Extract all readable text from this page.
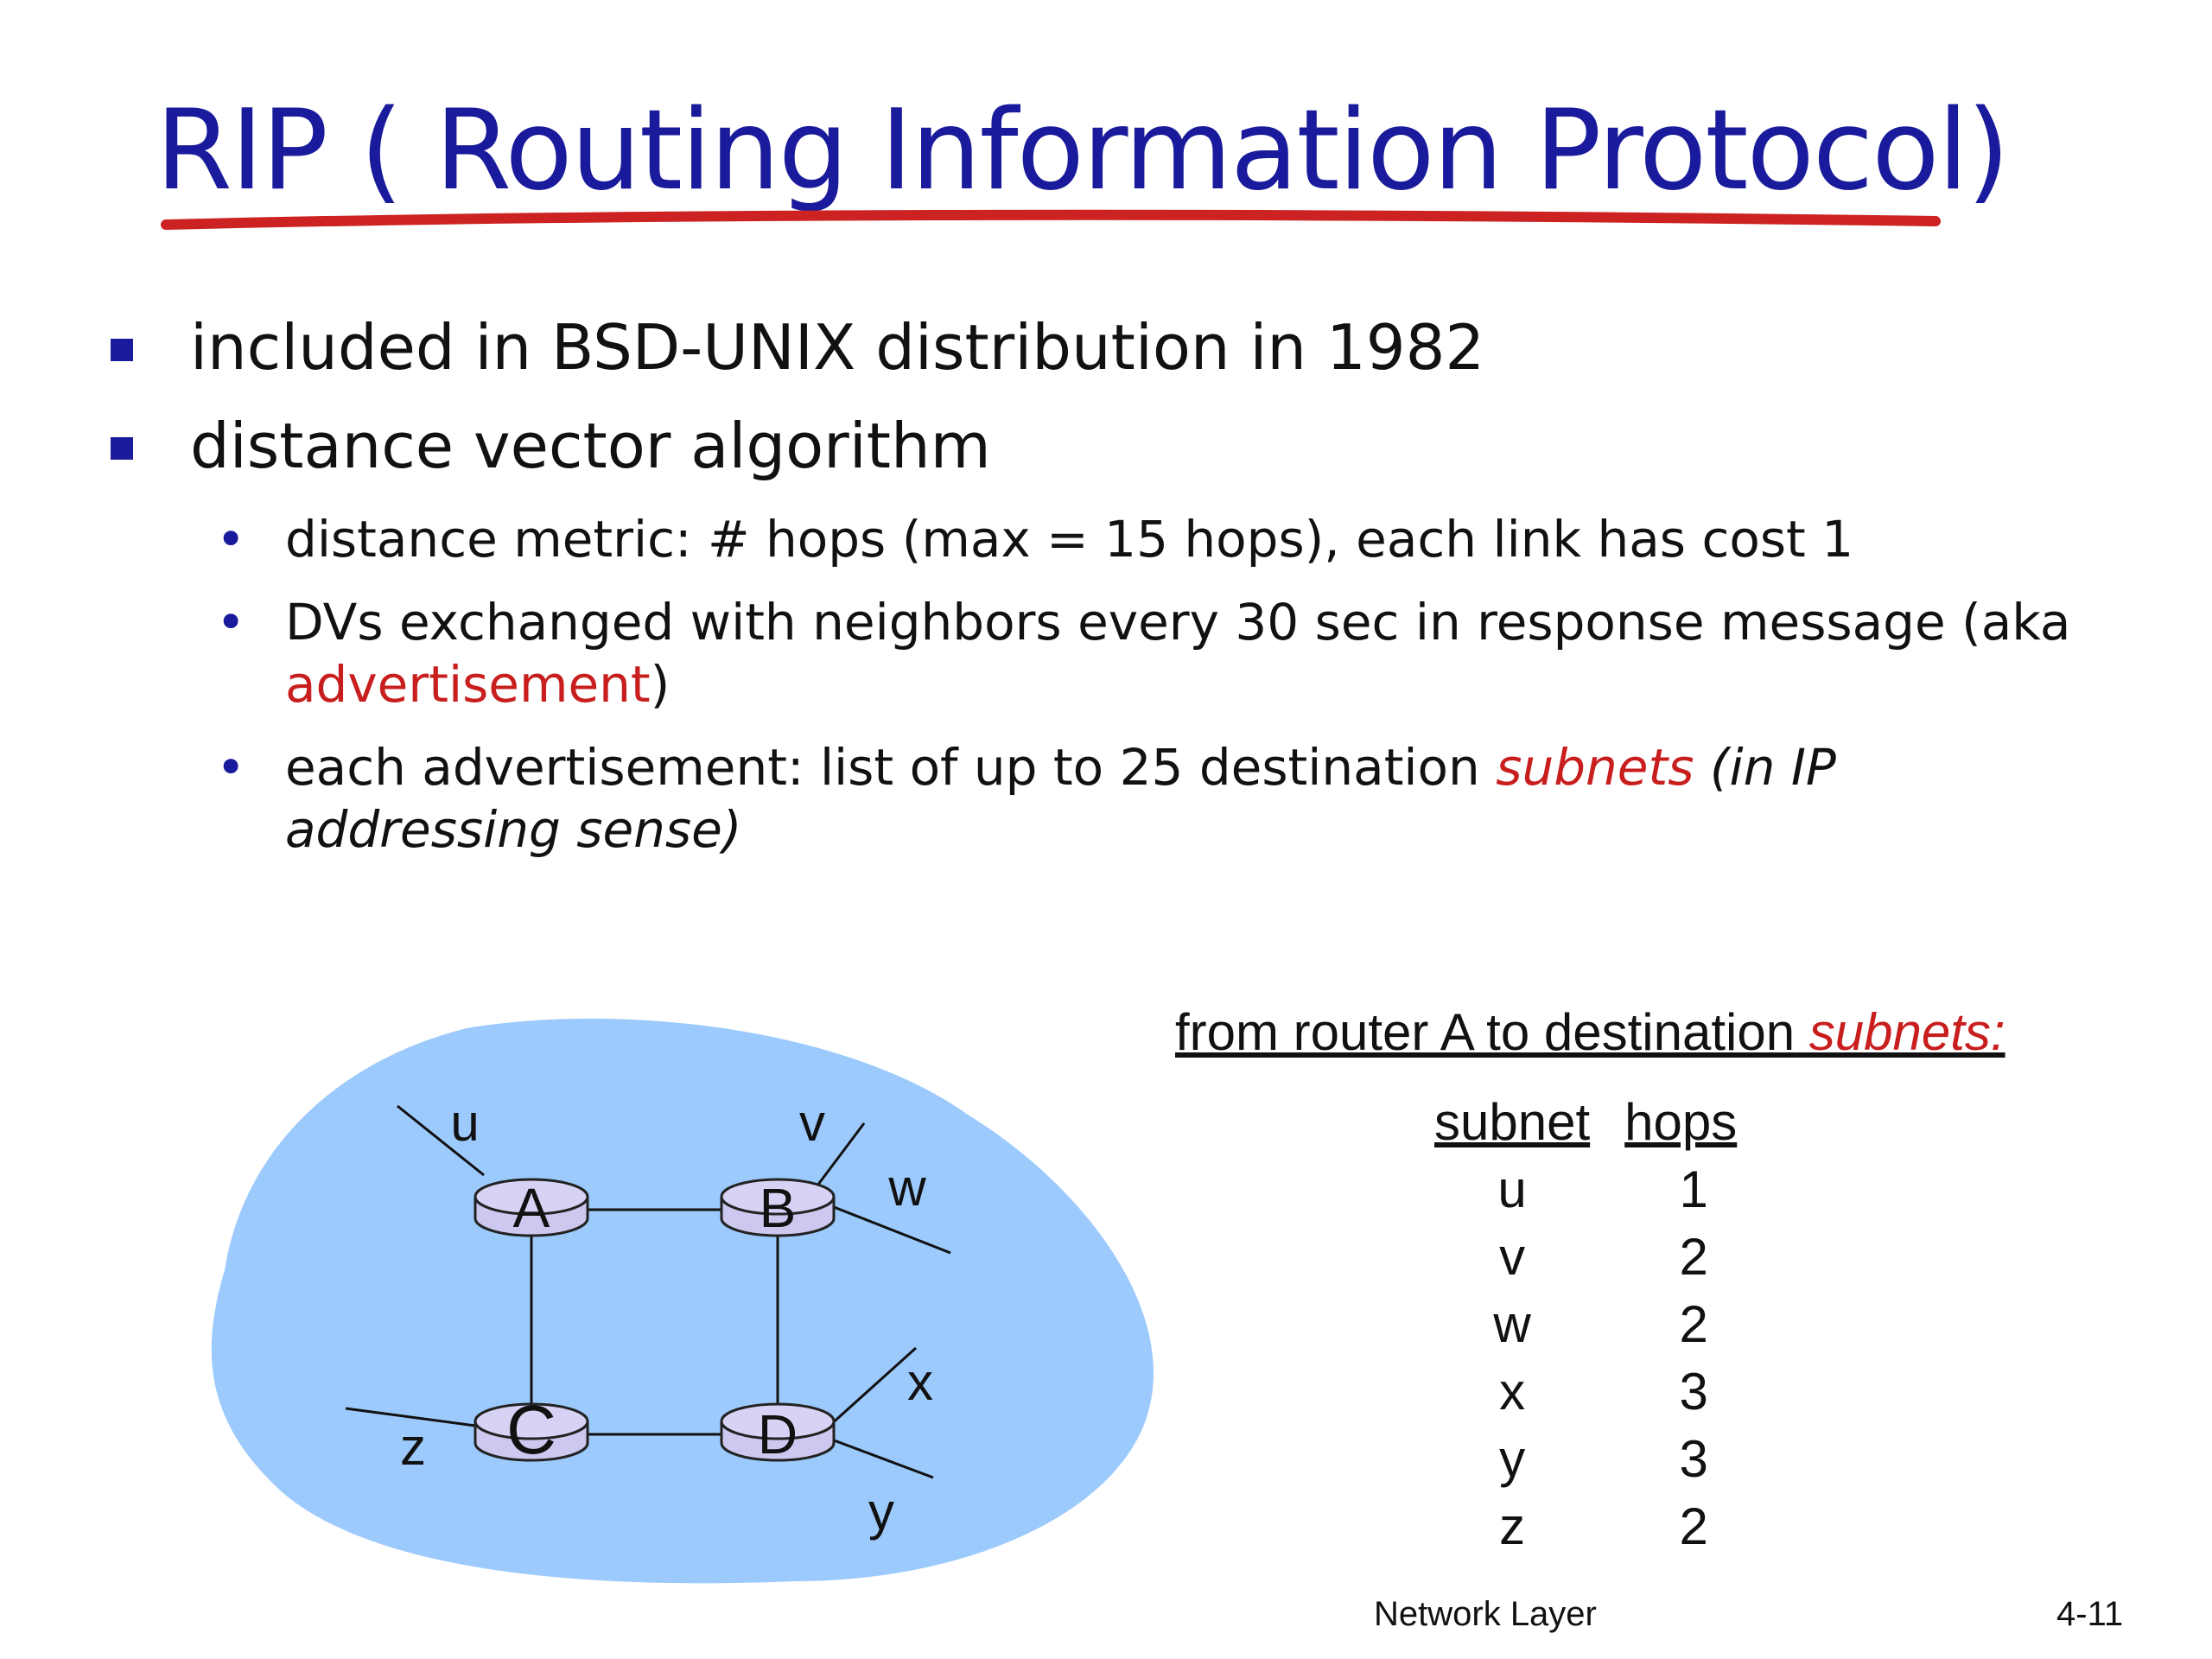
RIP ( Routing Information Protocol)
included in BSD-UNIX distribution in 1982
distance vector algorithm
• distance metric: # hops (max = 15 hops), each link has cost 1
• DVs exchanged with neighbors every 30 sec in response message (aka advertisement)
• each advertisement: list of up to 25 destination subnets (in IP addressing sense)
A	B
C	D
u	v
w
x
y
z
from router A to destination subnets:
subnet	hops
u	1
v	2
w	2
x	3
y	3
z	2
Network Layer	4-11
